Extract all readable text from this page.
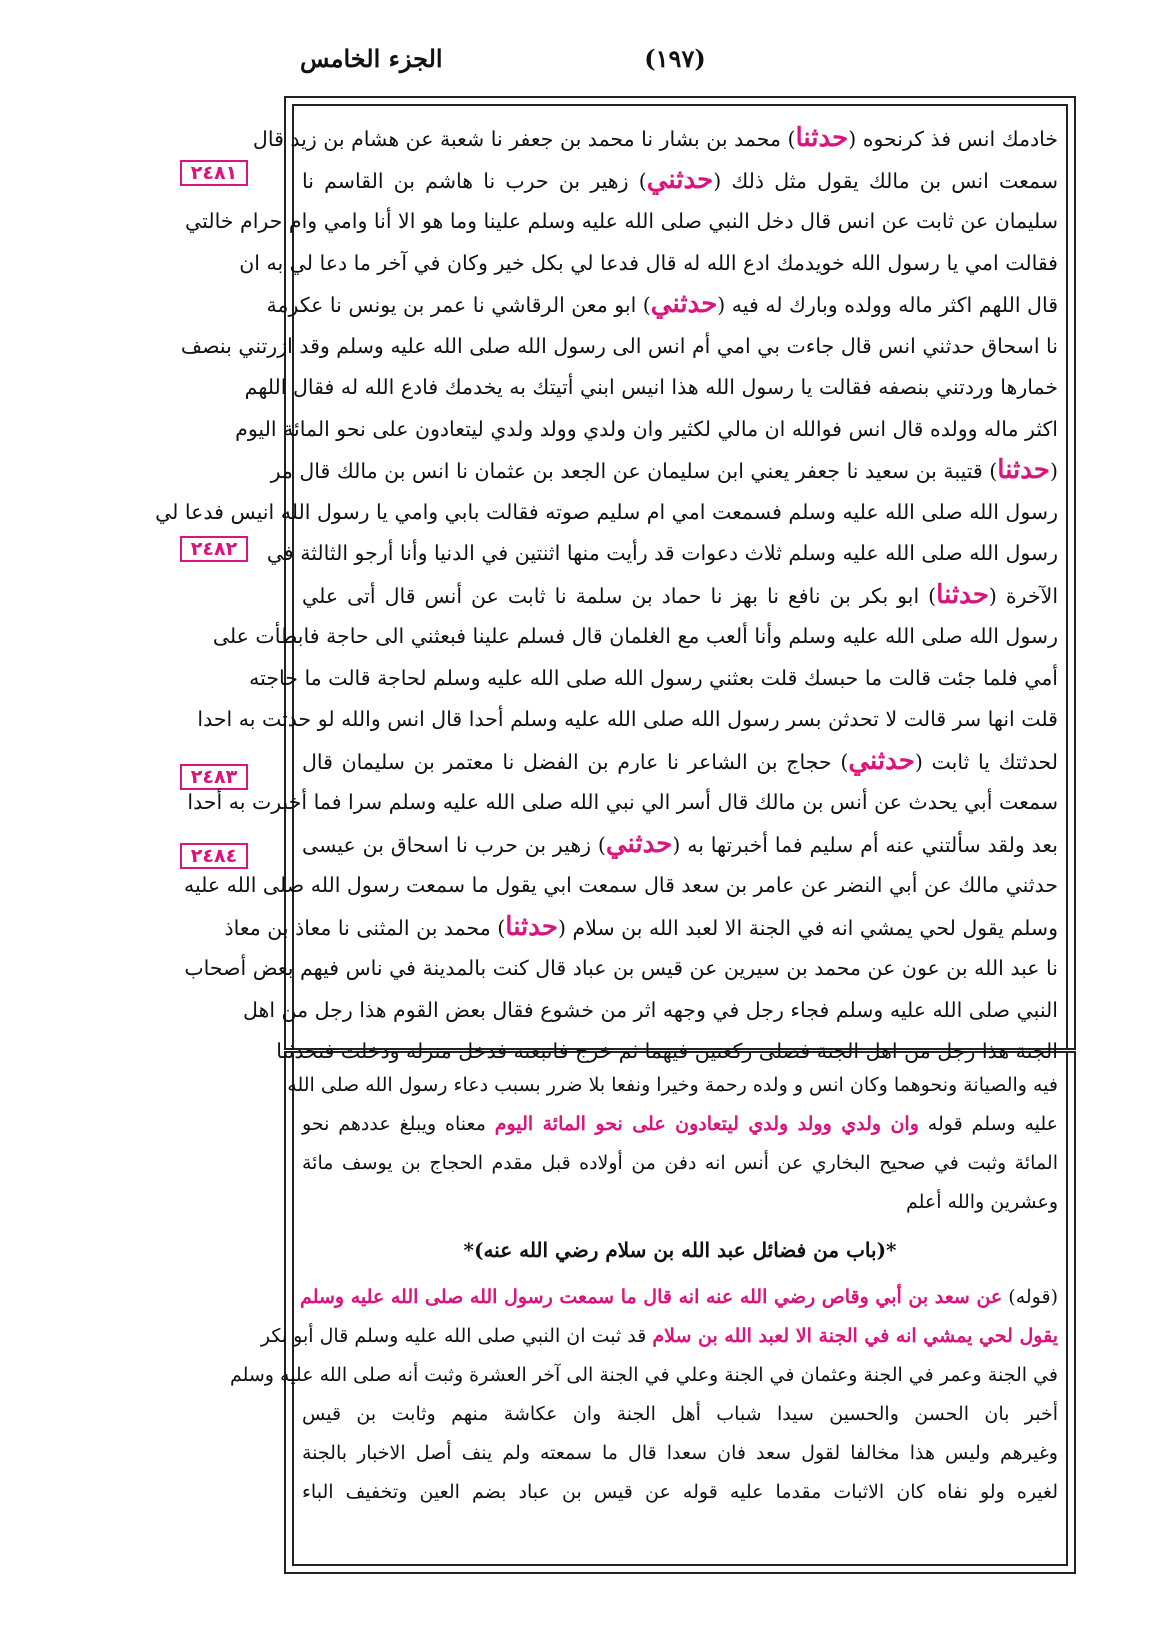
(١٩٧)
الجزء الخامس
٢٤٨١
٢٤٨٢
٢٤٨٣
٢٤٨٤
خادمك انس فذ كرنحوه (حدثنا) محمد بن بشار نا محمد بن جعفر نا شعبة عن هشام بن زيد قال
سمعت انس بن مالك يقول مثل ذلك (حدثني) زهير بن حرب نا هاشم بن القاسم نا
سليمان عن ثابت عن انس قال دخل النبي صلى الله عليه وسلم علينا وما هو الا أنا وامي وام حرام خالتي
فقالت امي يا رسول الله خويدمك ادع الله له قال فدعا لي بكل خير وكان في آخر ما دعا لي به ان
قال اللهم اكثر ماله وولده وبارك له فيه (حدثني) ابو معن الرقاشي نا عمر بن يونس نا عكرمة
نا اسحاق حدثني انس قال جاءت بي امي أم انس الى رسول الله صلى الله عليه وسلم وقد ازرتني بنصف
خمارها وردتني بنصفه فقالت يا رسول الله هذا انيس ابني أتيتك به يخدمك فادع الله له فقال اللهم
اكثر ماله وولده قال انس فوالله ان مالي لكثير وان ولدي وولد ولدي ليتعادون على نحو المائة اليوم
(حدثنا) قتيبة بن سعيد نا جعفر يعني ابن سليمان عن الجعد بن عثمان نا انس بن مالك قال مر
رسول الله صلى الله عليه وسلم فسمعت امي ام سليم صوته فقالت بابي وامي يا رسول الله انيس فدعا لي
رسول الله صلى الله عليه وسلم ثلاث دعوات قد رأيت منها اثنتين في الدنيا وأنا أرجو الثالثة في
الآخرة (حدثنا) ابو بكر بن نافع نا بهز نا حماد بن سلمة نا ثابت عن أنس قال أتى علي
رسول الله صلى الله عليه وسلم وأنا ألعب مع الغلمان قال فسلم علينا فبعثني الى حاجة فابطأت على
أمي فلما جئت قالت ما حبسك قلت بعثني رسول الله صلى الله عليه وسلم لحاجة قالت ما حاجته
قلت انها سر قالت لا تحدثن بسر رسول الله صلى الله عليه وسلم أحدا قال انس والله لو حدثت به احدا
لحدثتك يا ثابت (حدثني) حجاج بن الشاعر نا عارم بن الفضل نا معتمر بن سليمان قال
سمعت أبي يحدث عن أنس بن مالك قال أسر الي نبي الله صلى الله عليه وسلم سرا فما أخبرت به أحدا
بعد ولقد سألتني عنه أم سليم فما أخبرتها به (حدثني) زهير بن حرب نا اسحاق بن عيسى
حدثني مالك عن أبي النضر عن عامر بن سعد قال سمعت ابي يقول ما سمعت رسول الله صلى الله عليه
وسلم يقول لحي يمشي انه في الجنة الا لعبد الله بن سلام (حدثنا) محمد بن المثنى نا معاذ بن معاذ
نا عبد الله بن عون عن محمد بن سيرين عن قيس بن عباد قال كنت بالمدينة في ناس فيهم بعض أصحاب
النبي صلى الله عليه وسلم فجاء رجل في وجهه اثر من خشوع فقال بعض القوم هذا رجل من اهل
الجنة هذا رجل من اهل الجنة فصلى ركعتين فيهما ثم خرج فاتبعته فدخل منزله ودخلت فتحدثنا
فيه والصيانة ونحوهما وكان انس و ولده رحمة وخيرا ونفعا بلا ضرر بسبب دعاء رسول الله صلى الله
عليه وسلم قوله وان ولدي وولد ولدي ليتعادون على نحو المائة اليوم معناه ويبلغ عددهم نحو
المائة وثبت في صحيح البخاري عن أنس انه دفن من أولاده قبل مقدم الحجاج بن يوسف مائة
وعشرين والله أعلم
*(باب من فضائل عبد الله بن سلام رضي الله عنه)*
(قوله) عن سعد بن أبي وقاص رضي الله عنه انه قال ما سمعت رسول الله صلى الله عليه وسلم
يقول لحي يمشي انه في الجنة الا لعبد الله بن سلام قد ثبت ان النبي صلى الله عليه وسلم قال أبو بكر
في الجنة وعمر في الجنة وعثمان في الجنة وعلي في الجنة الى آخر العشرة وثبت أنه صلى الله عليه وسلم
أخبر بان الحسن والحسين سيدا شباب أهل الجنة وان عكاشة منهم وثابت بن قيس
وغيرهم وليس هذا مخالفا لقول سعد فان سعدا قال ما سمعته ولم ينف أصل الاخبار بالجنة
لغيره ولو نفاه كان الاثبات مقدما عليه قوله عن قيس بن عباد بضم العين وتخفيف الباء
